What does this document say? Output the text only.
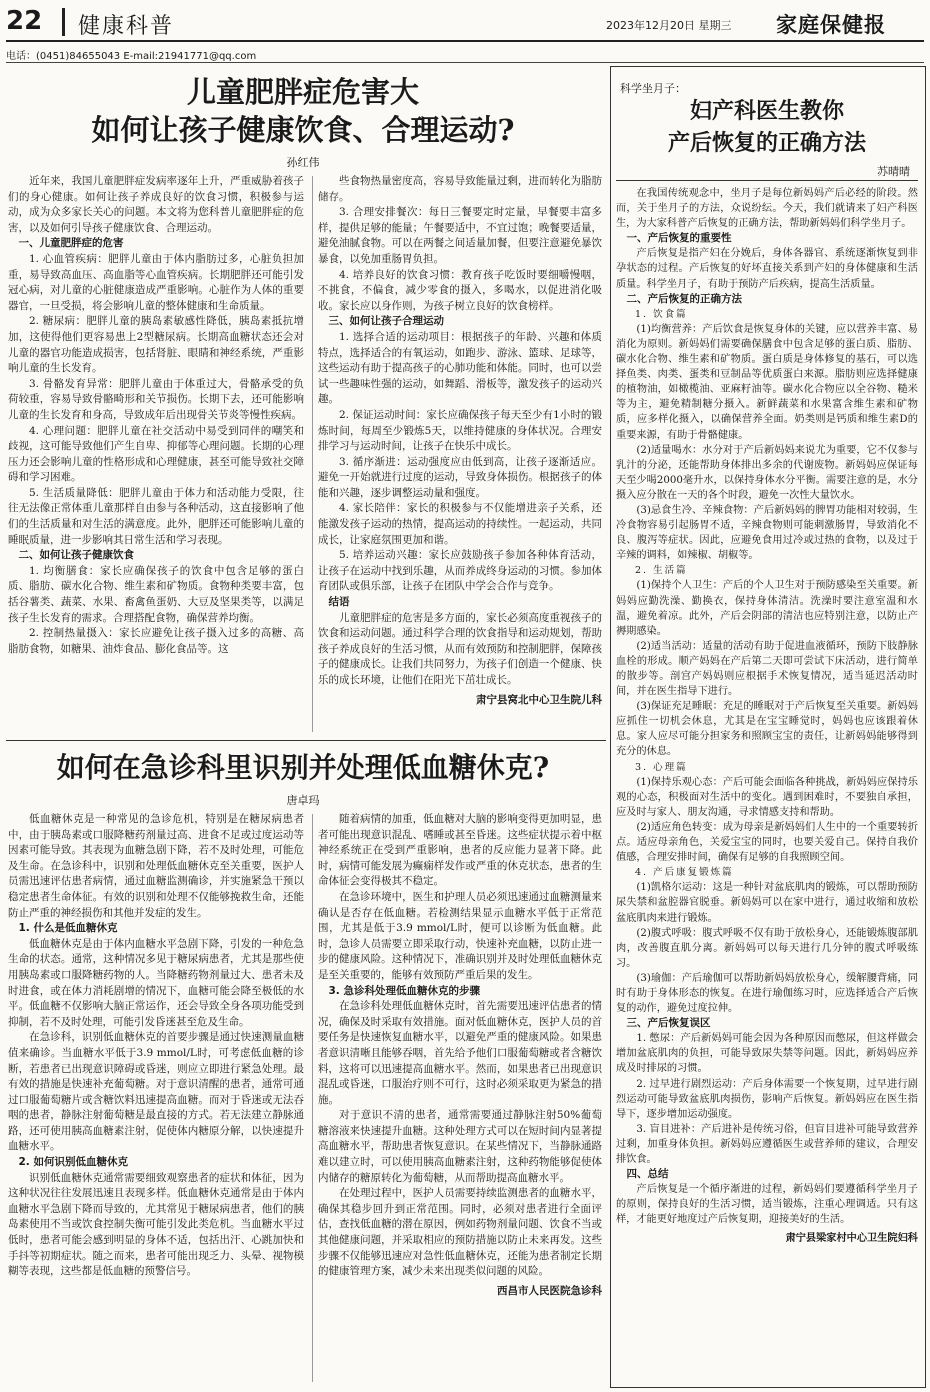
22 健康科普	2023年12月20日 星期三 家庭保健报
电话：(0451)84655043 E-mail:21941771@qq.com
儿童肥胖症危害大
如何让孩子健康饮食、合理运动?
孙红伟

近年来，我国儿童肥胖症发病率逐年上升，严重威胁着孩子们的身心健康。如何让孩子养成良好的饮食习惯，积极参与运动，成为众多家长关心的问题。本文将为您科普儿童肥胖症的危害，以及如何引导孩子健康饮食、合理运动。

一、儿童肥胖症的危害

1. 心血管疾病：肥胖儿童由于体内脂肪过多，心脏负担加重，易导致高血压、高血脂等心血管疾病。长期肥胖还可能引发冠心病，对儿童的心脏健康造成严重影响。心脏作为人体的重要器官，一旦受损，将会影响儿童的整体健康和生命质量。

2. 糖尿病：肥胖儿童的胰岛素敏感性降低，胰岛素抵抗增加，这使得他们更容易患上2型糖尿病。长期高血糖状态还会对儿童的器官功能造成损害，包括肾脏、眼睛和神经系统，严重影响儿童的生长发育。

3. 骨骼发育异常：肥胖儿童由于体重过大，骨骼承受的负荷较重，容易导致骨骼畸形和关节损伤。长期下去，还可能影响儿童的生长发育和身高，导致成年后出现骨关节炎等慢性疾病。

4. 心理问题：肥胖儿童在社交活动中易受到同伴的嘲笑和歧视，这可能导致他们产生自卑、抑郁等心理问题。长期的心理压力还会影响儿童的性格形成和心理健康，甚至可能导致社交障碍和学习困难。

5. 生活质量降低：肥胖儿童由于体力和活动能力受限，往往无法像正常体重儿童那样自由参与各种活动，这直接影响了他们的生活质量和对生活的满意度。此外，肥胖还可能影响儿童的睡眠质量，进一步影响其日常生活和学习表现。

二、如何让孩子健康饮食

1. 均衡膳食：家长应确保孩子的饮食中包含足够的蛋白质、脂肪、碳水化合物、维生素和矿物质。食物种类要丰富，包括谷薯类、蔬菜、水果、畜禽鱼蛋奶、大豆及坚果类等，以满足孩子生长发育的需求。合理搭配食物，确保营养均衡。

2. 控制热量摄入：家长应避免让孩子摄入过多的高糖、高脂肪食物，如糖果、油炸食品、膨化食品等。这

些食物热量密度高，容易导致能量过剩，进而转化为脂肪储存。

3. 合理安排餐次：每日三餐要定时定量，早餐要丰富多样，提供足够的能量；午餐要适中，不宜过饱；晚餐要适量，避免油腻食物。可以在两餐之间适量加餐，但要注意避免暴饮暴食，以免加重肠胃负担。

4. 培养良好的饮食习惯：教育孩子吃饭时要细嚼慢咽，不挑食，不偏食，减少零食的摄入，多喝水，以促进消化吸收。家长应以身作则，为孩子树立良好的饮食榜样。

三、如何让孩子合理运动

1. 选择合适的运动项目：根据孩子的年龄、兴趣和体质特点，选择适合的有氧运动，如跑步、游泳、篮球、足球等，这些运动有助于提高孩子的心肺功能和体能。同时，也可以尝试一些趣味性强的运动，如舞蹈、滑板等，激发孩子的运动兴趣。

2. 保证运动时间：家长应确保孩子每天至少有1小时的锻炼时间，每周至少锻炼5天，以维持健康的身体状况。合理安排学习与运动时间，让孩子在快乐中成长。

3. 循序渐进：运动强度应由低到高，让孩子逐渐适应。避免一开始就进行过度的运动，导致身体损伤。根据孩子的体能和兴趣，逐步调整运动量和强度。

4. 家长陪伴：家长的积极参与不仅能增进亲子关系，还能激发孩子运动的热情，提高运动的持续性。一起运动，共同成长，让家庭氛围更加和谐。

5. 培养运动兴趣：家长应鼓励孩子参加各种体育活动，让孩子在运动中找到乐趣，从而养成终身运动的习惯。参加体育团队或俱乐部，让孩子在团队中学会合作与竞争。

结语

儿童肥胖症的危害是多方面的，家长必须高度重视孩子的饮食和运动问题。通过科学合理的饮食指导和运动规划，帮助孩子养成良好的生活习惯，从而有效预防和控制肥胖，保障孩子的健康成长。让我们共同努力，为孩子们创造一个健康、快乐的成长环境，让他们在阳光下茁壮成长。

肃宁县窝北中心卫生院儿科

如何在急诊科里识别并处理低血糖休克?
唐卓玛

低血糖休克是一种常见的急诊危机，特别是在糖尿病患者中，由于胰岛素或口服降糖药剂量过高、进食不足或过度运动等因素可能导致。其表现为血糖急剧下降，若不及时处理，可能危及生命。在急诊科中，识别和处理低血糖休克至关重要，医护人员需迅速评估患者病情，通过血糖监测确诊，并实施紧急干预以稳定患者生命体征。有效的识别和处理不仅能够挽救生命，还能防止严重的神经损伤和其他并发症的发生。

1. 什么是低血糖休克

低血糖休克是由于体内血糖水平急剧下降，引发的一种危急生命的状态。通常，这种情况多见于糖尿病患者，尤其是那些使用胰岛素或口服降糖药物的人。当降糖药物剂量过大、患者未及时进食，或在体力消耗剧增的情况下，血糖可能会降至极低的水平。低血糖不仅影响大脑正常运作，还会导致全身各项功能受到抑制，若不及时处理，可能引发昏迷甚至危及生命。

在急诊科，识别低血糖休克的首要步骤是通过快速测量血糖值来确诊。当血糖水平低于3.9 mmol/L时，可考虑低血糖的诊断，若患者已出现意识障碍或昏迷，则应立即进行紧急处理。最有效的措施是快速补充葡萄糖。对于意识清醒的患者，通常可通过口服葡萄糖片或含糖饮料迅速提高血糖。而对于昏迷或无法吞咽的患者，静脉注射葡萄糖是最直接的方式。若无法建立静脉通路，还可使用胰高血糖素注射，促使体内糖原分解，以快速提升血糖水平。

2. 如何识别低血糖休克

识别低血糖休克通常需要细致观察患者的症状和体征，因为这种状况往往发展迅速且表现多样。低血糖休克通常是由于体内血糖水平急剧下降而导致的，尤其常见于糖尿病患者，他们的胰岛素使用不当或饮食控制失衡可能引发此类危机。当血糖水平过低时，患者可能会感到明显的身体不适，包括出汗、心跳加快和手抖等初期症状。随之而来，患者可能出现乏力、头晕、视物模糊等表现，这些都是低血糖的预警信号。

随着病情的加重，低血糖对大脑的影响变得更加明显，患者可能出现意识混乱、嗜睡或甚至昏迷。这些症状提示着中枢神经系统正在受到严重影响，患者的反应能力显著下降。此时，病情可能发展为癫痫样发作或严重的休克状态，患者的生命体征会变得极其不稳定。

在急诊环境中，医生和护理人员必须迅速通过血糖测量来确认是否存在低血糖。若检测结果显示血糖水平低于正常范围，尤其是低于3.9 mmol/L时，便可以诊断为低血糖。此时，急诊人员需要立即采取行动，快速补充血糖，以防止进一步的健康风险。这种情况下，准确识别并及时处理低血糖休克是至关重要的，能够有效预防严重后果的发生。

3. 急诊科处理低血糖休克的步骤

在急诊科处理低血糖休克时，首先需要迅速评估患者的情况，确保及时采取有效措施。面对低血糖休克，医护人员的首要任务是快速恢复血糖水平，以避免严重的健康风险。如果患者意识清晰且能够吞咽，首先给予他们口服葡萄糖或者含糖饮料，这将可以迅速提高血糖水平。然而，如果患者已出现意识混乱或昏迷，口服治疗则不可行，这时必须采取更为紧急的措施。

对于意识不清的患者，通常需要通过静脉注射50%葡萄糖溶液来快速提升血糖。这种处理方式可以在短时间内显著提高血糖水平，帮助患者恢复意识。在某些情况下，当静脉通路难以建立时，可以使用胰高血糖素注射，这种药物能够促使体内储存的糖原转化为葡萄糖，从而帮助提高血糖水平。

在处理过程中，医护人员需要持续监测患者的血糖水平，确保其稳步回升到正常范围。同时，必须对患者进行全面评估，查找低血糖的潜在原因，例如药物剂量问题、饮食不当或其他健康问题，并采取相应的预防措施以防止未来再发。这些步骤不仅能够迅速应对急性低血糖休克，还能为患者制定长期的健康管理方案，减少未来出现类似问题的风险。

西昌市人民医院急诊科

科学坐月子：
妇产科医生教你
产后恢复的正确方法
苏晴晴

在我国传统观念中，坐月子是每位新妈妈产后必经的阶段。然而，关于坐月子的方法，众说纷纭。今天，我们就请来了妇产科医生，为大家科普产后恢复的正确方法，帮助新妈妈们科学坐月子。

一、产后恢复的重要性

产后恢复是指产妇在分娩后，身体各器官、系统逐渐恢复到非孕状态的过程。产后恢复的好坏直接关系到产妇的身体健康和生活质量。科学坐月子，有助于预防产后疾病，提高生活质量。

二、产后恢复的正确方法

1. 饮食篇

(1)均衡营养：产后饮食是恢复身体的关键，应以营养丰富、易消化为原则。新妈妈们需要确保膳食中包含足够的蛋白质、脂肪、碳水化合物、维生素和矿物质。蛋白质是身体修复的基石，可以选择鱼类、肉类、蛋类和豆制品等优质蛋白来源。脂肪则应选择健康的植物油，如橄榄油、亚麻籽油等。碳水化合物应以全谷物、糙米等为主，避免精制糖分摄入。新鲜蔬菜和水果富含维生素和矿物质，应多样化摄入，以确保营养全面。奶类则是钙质和维生素D的重要来源，有助于骨骼健康。

(2)适量喝水：水分对于产后新妈妈来说尤为重要，它不仅参与乳汁的分泌，还能帮助身体排出多余的代谢废物。新妈妈应保证每天至少喝2000毫升水，以保持身体水分平衡。需要注意的是，水分摄入应分散在一天的各个时段，避免一次性大量饮水。

(3)忌食生冷、辛辣食物：产后新妈妈的脾胃功能相对较弱，生冷食物容易引起肠胃不适，辛辣食物则可能刺激肠胃，导致消化不良、腹泻等症状。因此，应避免食用过冷或过热的食物，以及过于辛辣的调料，如辣椒、胡椒等。

2. 生活篇

(1)保持个人卫生：产后的个人卫生对于预防感染至关重要。新妈妈应勤洗澡、勤换衣，保持身体清洁。洗澡时要注意室温和水温，避免着凉。此外，产后会阴部的清洁也应特别注意，以防止产褥期感染。

(2)适当活动：适量的活动有助于促进血液循环，预防下肢静脉血栓的形成。顺产妈妈在产后第二天即可尝试下床活动，进行简单的散步等。剖宫产妈妈则应根据手术恢复情况，适当延迟活动时间，并在医生指导下进行。

(3)保证充足睡眠：充足的睡眠对于产后恢复至关重要。新妈妈应抓住一切机会休息，尤其是在宝宝睡觉时，妈妈也应该跟着休息。家人应尽可能分担家务和照顾宝宝的责任，让新妈妈能够得到充分的休息。

3. 心理篇

(1)保持乐观心态：产后可能会面临各种挑战，新妈妈应保持乐观的心态，积极面对生活中的变化。遇到困难时，不要独自承担，应及时与家人、朋友沟通，寻求情感支持和帮助。

(2)适应角色转变：成为母亲是新妈妈们人生中的一个重要转折点。适应母亲角色，关爱宝宝的同时，也要关爱自己。保持自我价值感，合理安排时间，确保有足够的自我照顾空间。

4. 产后康复锻炼篇

(1)凯格尔运动：这是一种针对盆底肌肉的锻炼，可以帮助预防尿失禁和盆腔器官脱垂。新妈妈可以在家中进行，通过收缩和放松盆底肌肉来进行锻炼。

(2)腹式呼吸：腹式呼吸不仅有助于放松身心，还能锻炼腹部肌肉，改善腹直肌分离。新妈妈可以每天进行几分钟的腹式呼吸练习。

(3)瑜伽：产后瑜伽可以帮助新妈妈放松身心，缓解腰背痛，同时有助于身体形态的恢复。在进行瑜伽练习时，应选择适合产后恢复的动作，避免过度拉伸。

三、产后恢复误区

1. 憋尿：产后新妈妈可能会因为各种原因而憋尿，但这样做会增加盆底肌肉的负担，可能导致尿失禁等问题。因此，新妈妈应养成及时排尿的习惯。

2. 过早进行剧烈运动：产后身体需要一个恢复期，过早进行剧烈运动可能导致盆底肌肉损伤，影响产后恢复。新妈妈应在医生指导下，逐步增加运动强度。

3. 盲目进补：产后进补是传统习俗，但盲目进补可能导致营养过剩，加重身体负担。新妈妈应遵循医生或营养师的建议，合理安排饮食。

四、总结

产后恢复是一个循序渐进的过程，新妈妈们要遵循科学坐月子的原则，保持良好的生活习惯，适当锻炼，注重心理调适。只有这样，才能更好地度过产后恢复期，迎接美好的生活。

肃宁县梁家村中心卫生院妇科
